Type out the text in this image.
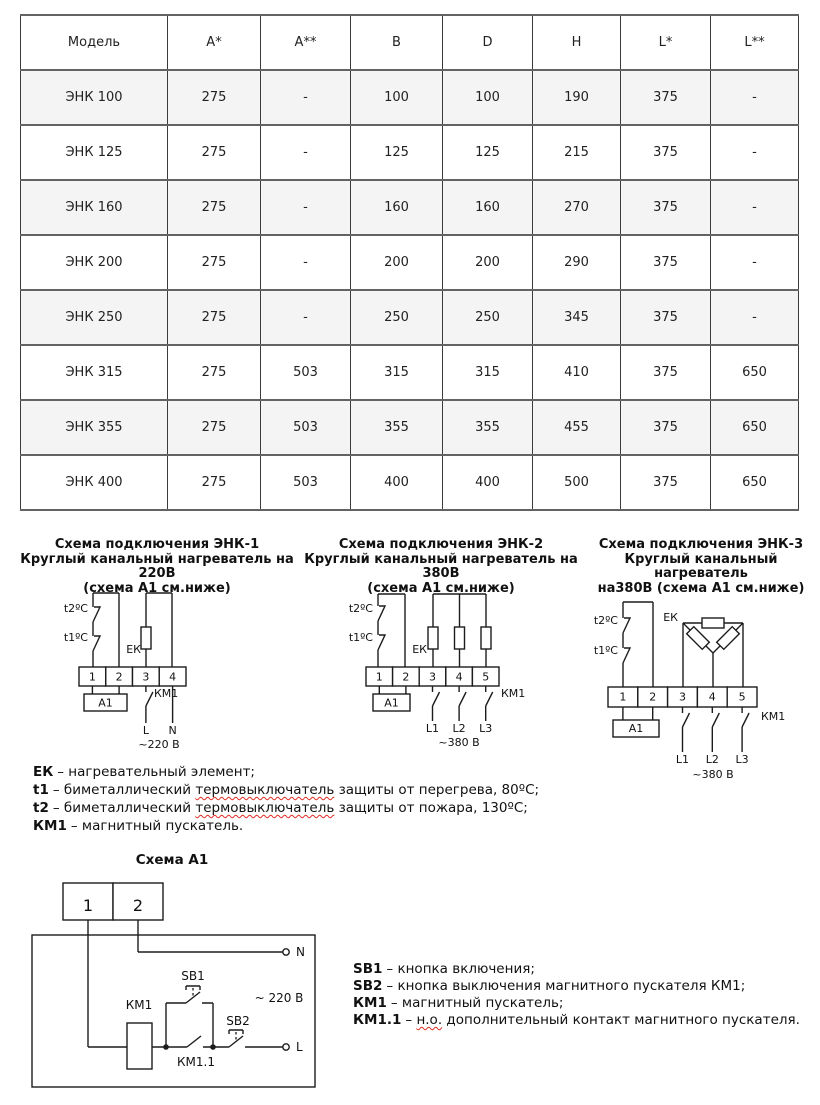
Модель	A*	A**	B	D	H	L*	L**
ЭНК 100	275	-	100	100	190	375	-
ЭНК 125	275	-	125	125	215	375	-
ЭНК 160	275	-	160	160	270	375	-
ЭНК 200	275	-	200	200	290	375	-
ЭНК 250	275	-	250	250	345	375	-
ЭНК 315	275	503	315	315	410	375	650
ЭНК 355	275	503	355	355	455	375	650
ЭНК 400	275	503	400	400	500	375	650
Схема подключения ЭНК-1
Круглый канальный нагреватель на 220В
(схема А1 см.ниже)
Схема подключения ЭНК-2
Круглый канальный нагреватель на 380В
(схема А1 см.ниже)
Схема подключения ЭНК-3
Круглый канальный нагреватель
на380В (схема А1 см.ниже)
t2ºC
t1ºC
ЕК
1 2 3 4
А1
КМ1
L N
~220 В
t2ºC
t1ºC
ЕК
1 2 3 4 5
А1
КМ1
L1 L2 L3
~380 В
t2ºC
t1ºC
ЕК
1 2 3 4 5
А1
КМ1
L1 L2 L3
~380 В
ЕК – нагревательный элемент;
t1 – биметаллический термовыключатель защиты от перегрева, 80ºС;
t2 – биметаллический термовыключатель защиты от пожара, 130ºС;
КМ1 – магнитный пускатель.
Схема А1
1 2
N
L
КМ1
КМ1.1
SB1
SB2
~ 220 В
SB1 – кнопка включения;
SB2 – кнопка выключения магнитного пускателя КМ1;
КМ1 – магнитный пускатель;
КМ1.1 – н.о. дополнительный контакт магнитного пускателя.
